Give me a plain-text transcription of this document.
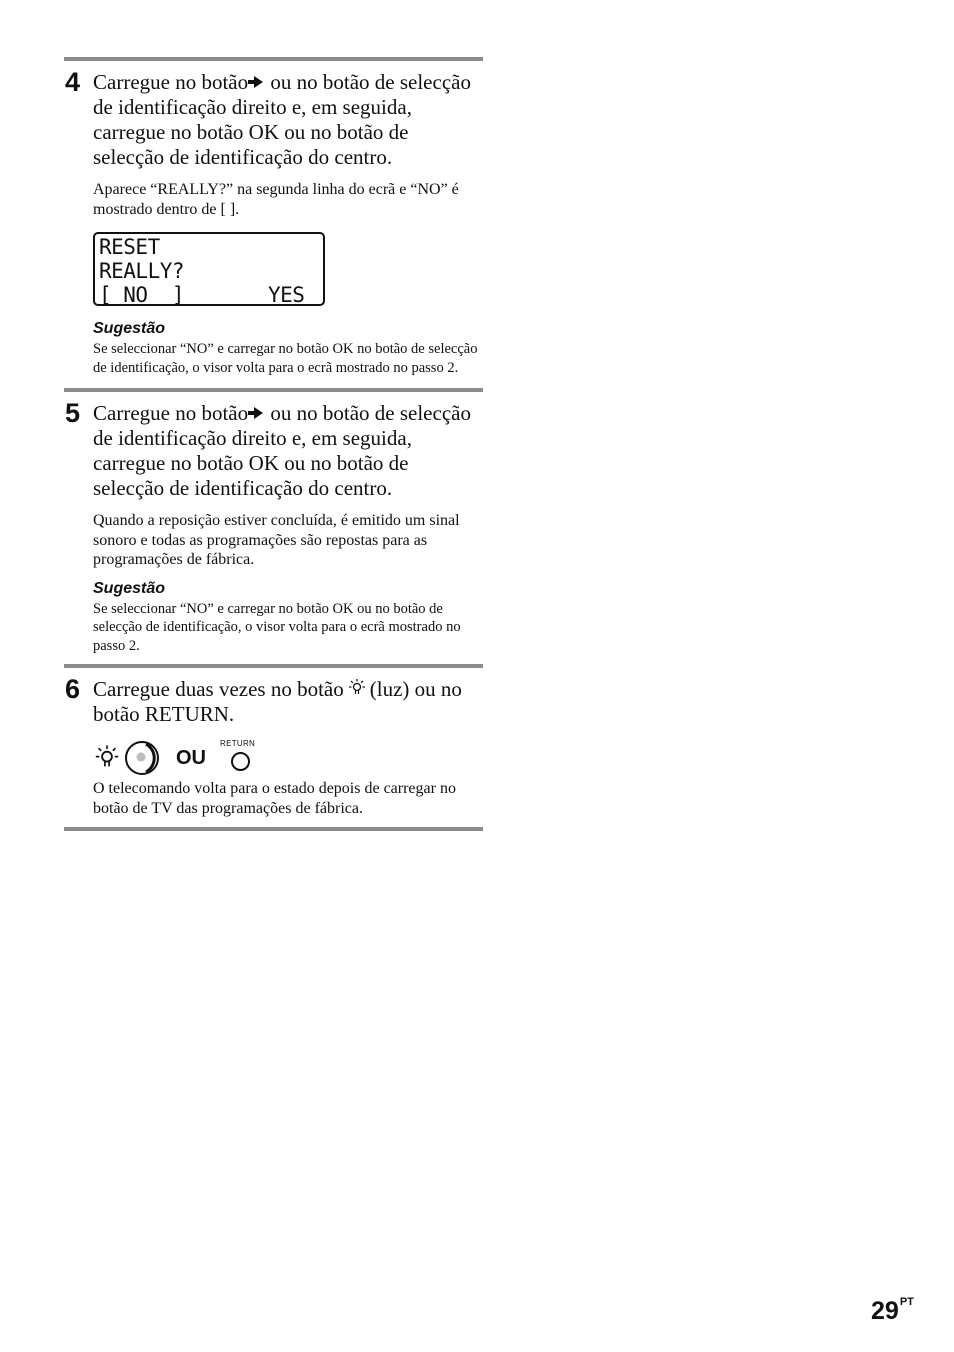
4 Carregue no botão ou no botão de selecção de identificação direito e, em seguida, carregue no botão OK ou no botão de selecção de identificação do centro.

Aparece “REALLY?” na segunda linha do ecrã e “NO” é mostrado dentro de [ ].

RESET
REALLY?
[ NO  ]	YES
Sugestão

Se seleccionar “NO” e carregar no botão OK no botão de selecção de identificação, o visor volta para o ecrã mostrado no passo 2.

5 Carregue no botão ou no botão de selecção de identificação direito e, em seguida, carregue no botão OK ou no botão de selecção de identificação do centro.

Quando a reposição estiver concluída, é emitido um sinal sonoro e todas as programações são repostas para as programações de fábrica.

Sugestão

Se seleccionar “NO” e carregar no botão OK ou no botão de selecção de identificação, o visor volta para o ecrã mostrado no passo 2.

6 Carregue duas vezes no botão (luz) ou no botão RETURN.

OU
RETURN

O telecomando volta para o estado depois de carregar no botão de TV das programações de fábrica.

$29^{PT}$
